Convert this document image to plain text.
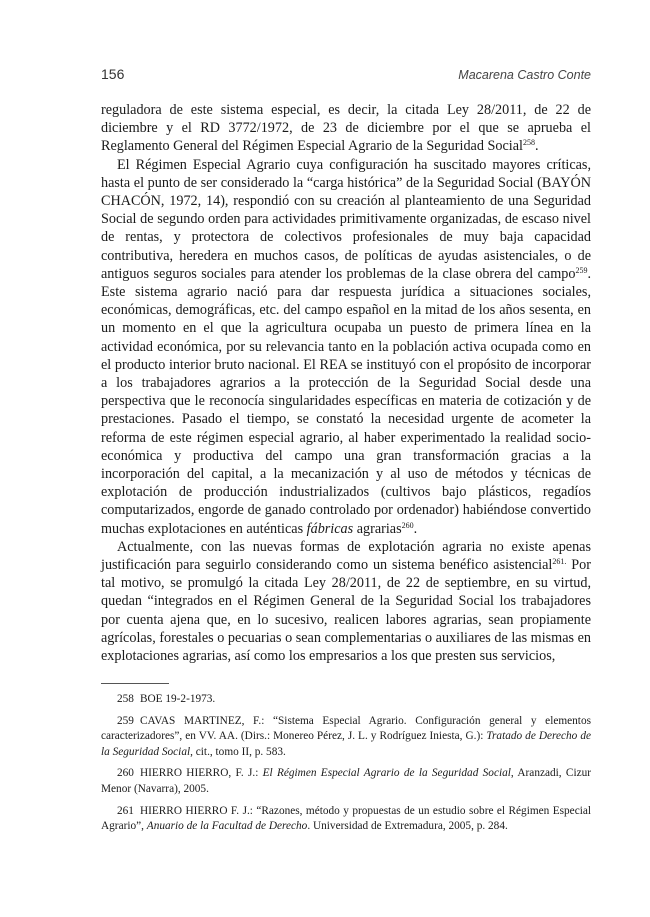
156	Macarena Castro Conte

reguladora de este sistema especial, es decir, la citada Ley 28/2011, de 22 de diciembre y el RD 3772/1972, de 23 de diciembre por el que se aprueba el Reglamento General del Régimen Especial Agrario de la Seguridad Social$^{258}$.

El Régimen Especial Agrario cuya configuración ha suscitado mayores críticas, hasta el punto de ser considerado la “carga histórica” de la Seguridad Social (BAYÓN CHACÓN, 1972, 14), respondió con su creación al planteamiento de una Seguridad Social de segundo orden para actividades primitivamente organizadas, de escaso nivel de rentas, y protectora de colectivos profesionales de muy baja capacidad contributiva, heredera en muchos casos, de políticas de ayudas asistenciales, o de antiguos seguros sociales para atender los problemas de la clase obrera del campo$^{259}$. Este sistema agrario nació para dar respuesta jurídica a situaciones sociales, económicas, demográficas, etc. del campo español en la mitad de los años sesenta, en un momento en el que la agricultura ocupaba un puesto de primera línea en la actividad económica, por su relevancia tanto en la población activa ocupada como en el producto interior bruto nacional. El REA se instituyó con el propósito de incorporar a los trabajadores agrarios a la protección de la Seguridad Social desde una perspectiva que le reconocía singularidades específicas en materia de cotización y de prestaciones. Pasado el tiempo, se constató la necesidad urgente de acometer la reforma de este régimen especial agrario, al haber experimentado la realidad socio-económica y productiva del campo una gran transformación gracias a la incorporación del capital, a la mecanización y al uso de métodos y técnicas de explotación de producción industrializados (cultivos bajo plásticos, regadíos computarizados, engorde de ganado controlado por ordenador) habiéndose convertido muchas explotaciones en auténticas fábricas agrarias$^{260}$.

Actualmente, con las nuevas formas de explotación agraria no existe apenas justificación para seguirlo considerando como un sistema benéfico asistencial$^{261.}$ Por tal motivo, se promulgó la citada Ley 28/2011, de 22 de septiembre, en su virtud, quedan “integrados en el Régimen General de la Seguridad Social los trabajadores por cuenta ajena que, en lo sucesivo, realicen labores agrarias, sean propiamente agrícolas, forestales o pecuarias o sean complementarias o auxiliares de las mismas en explotaciones agrarias, así como los empresarios a los que presten sus servicios,

258 BOE 19-2-1973.

259 CAVAS MARTINEZ, F.: “Sistema Especial Agrario. Configuración general y elementos caracterizadores”, en VV. AA. (Dirs.: Monereo Pérez, J. L. y Rodríguez Iniesta, G.): Tratado de Derecho de la Seguridad Social, cit., tomo II, p. 583.

260 HIERRO HIERRO, F. J.: El Régimen Especial Agrario de la Seguridad Social, Aranzadi, Cizur Menor (Navarra), 2005.

261 HIERRO HIERRO F. J.: “Razones, método y propuestas de un estudio sobre el Régimen Especial Agrario”, Anuario de la Facultad de Derecho. Universidad de Extremadura, 2005, p. 284.
